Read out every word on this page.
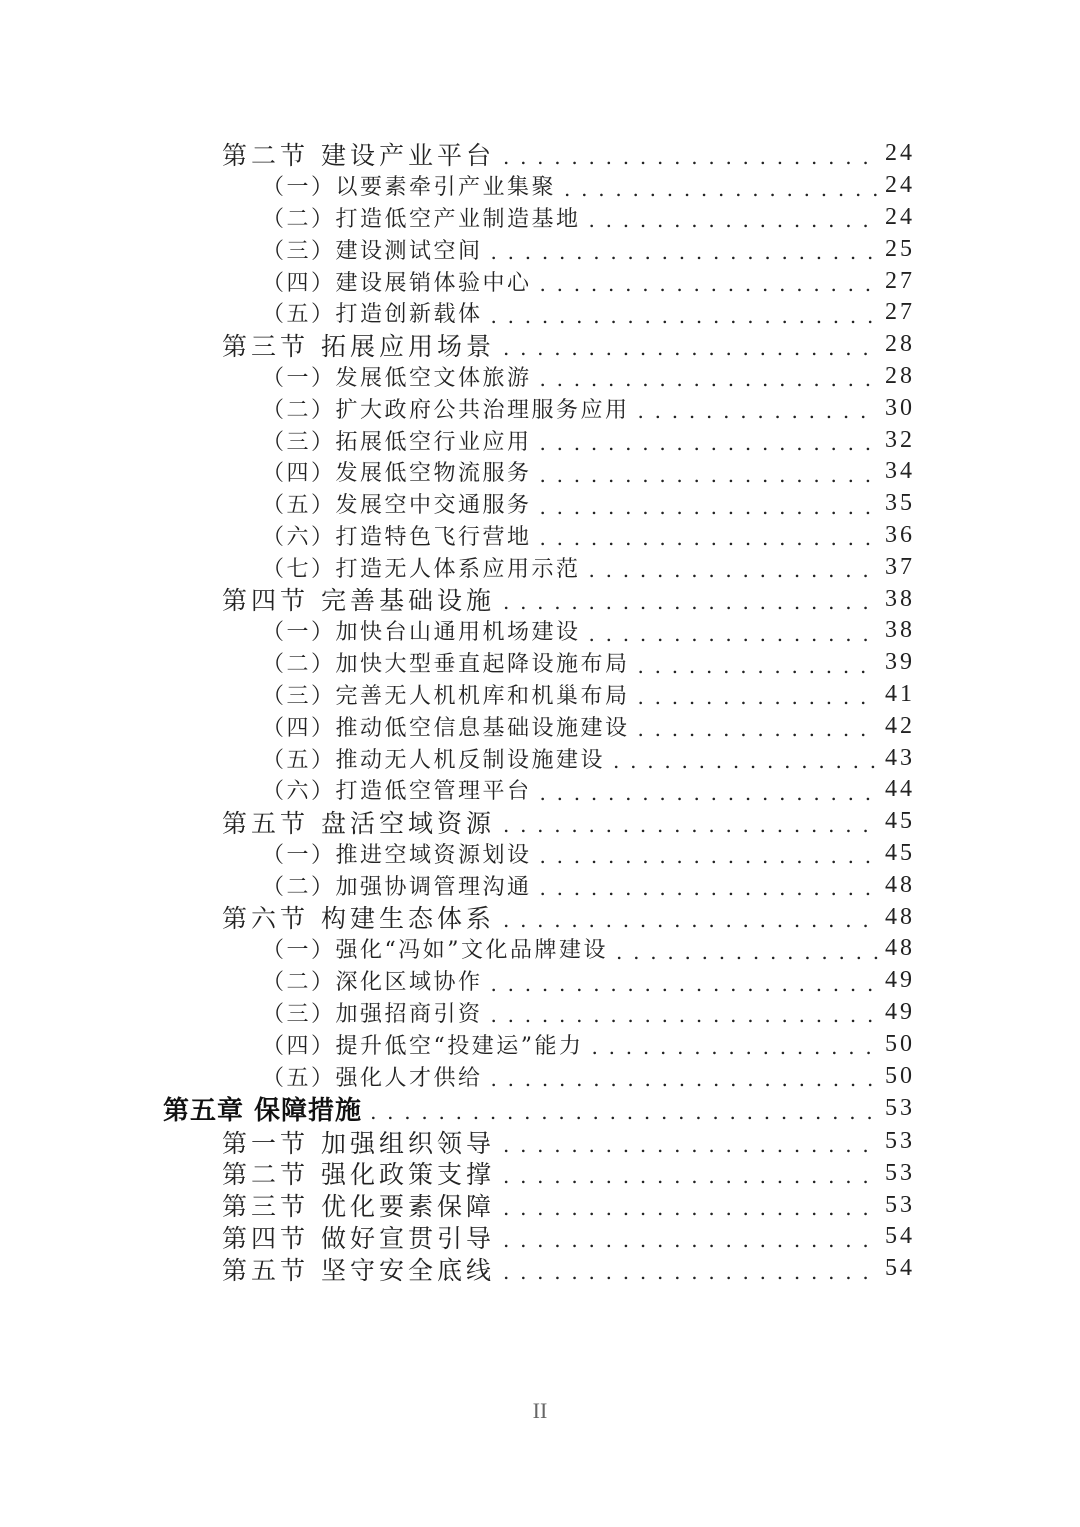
第二节 建设产业平台 . . .	24
（一）以要素牵引产业集聚 . . .	24
（二）打造低空产业制造基地 . . .	24
（三）建设测试空间 . . .	25
（四）建设展销体验中心 . . .	27
（五）打造创新载体 . . .	27
第三节 拓展应用场景 . . .	28
（一）发展低空文体旅游 . . .	28
（二）扩大政府公共治理服务应用 . . .	30
（三）拓展低空行业应用 . . .	32
（四）发展低空物流服务 . . .	34
（五）发展空中交通服务 . . .	35
（六）打造特色飞行营地 . . .	36
（七）打造无人体系应用示范 . . .	37
第四节 完善基础设施 . . .	38
（一）加快台山通用机场建设 . . .	38
（二）加快大型垂直起降设施布局 . . .	39
（三）完善无人机机库和机巢布局 . . .	41
（四）推动低空信息基础设施建设 . . .	42
（五）推动无人机反制设施建设 . . .	43
（六）打造低空管理平台 . . .	44
第五节 盘活空域资源 . . .	45
（一）推进空域资源划设 . . .	45
（二）加强协调管理沟通 . . .	48
第六节 构建生态体系 . . .	48
（一）强化“冯如”文化品牌建设 . . .	48
（二）深化区域协作 . . .	49
（三）加强招商引资 . . .	49
（四）提升低空“投建运”能力 . . .	50
（五）强化人才供给 . . .	50
第五章 保障措施 . . .	53
第一节 加强组织领导 . . .	53
第二节 强化政策支撑 . . .	53
第三节 优化要素保障 . . .	53
第四节 做好宣贯引导 . . .	54
第五节 坚守安全底线 . . .	54
II
